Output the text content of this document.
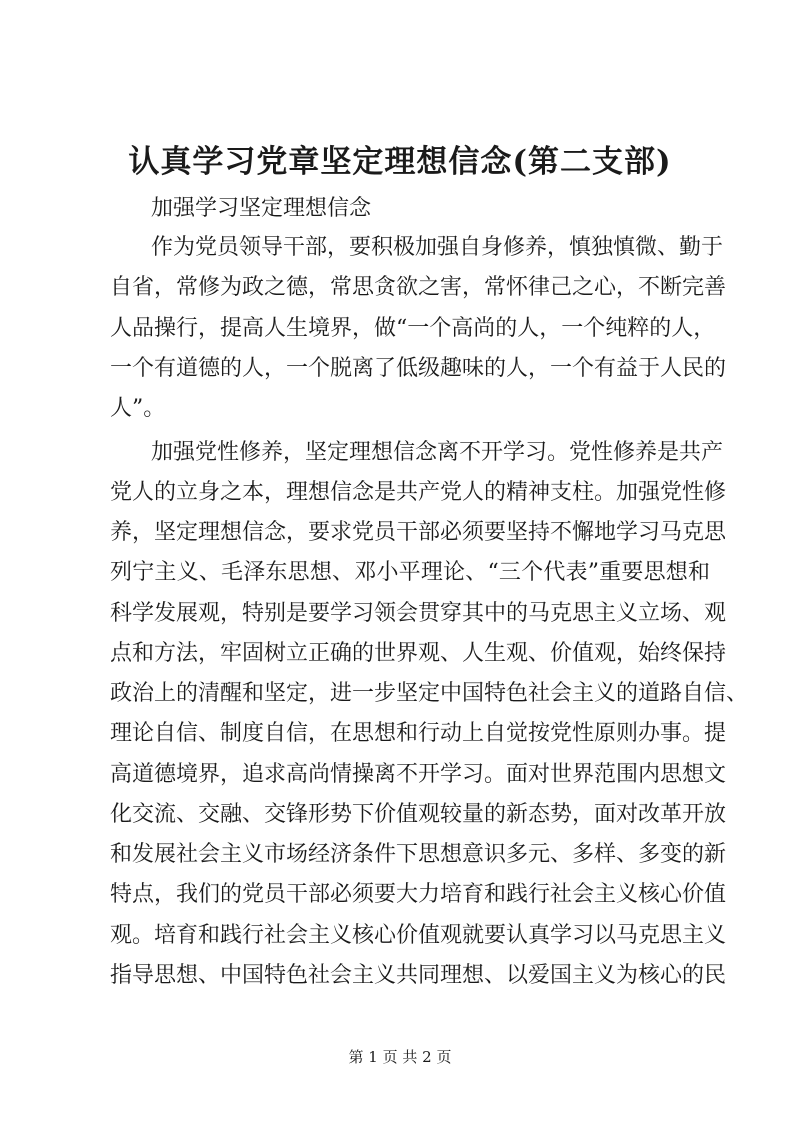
认真学习党章坚定理想信念(第二支部)
加强学习坚定理想信念
作为党员领导干部，要积极加强自身修养，慎独慎微、勤于
自省，常修为政之德，常思贪欲之害，常怀律己之心，不断完善
人品操行，提高人生境界，做“一个高尚的人，一个纯粹的人，
一个有道德的人，一个脱离了低级趣味的人，一个有益于人民的
人”。
加强党性修养，坚定理想信念离不开学习。党性修养是共产
党人的立身之本，理想信念是共产党人的精神支柱。加强党性修
养，坚定理想信念，要求党员干部必须要坚持不懈地学习马克思
列宁主义、毛泽东思想、邓小平理论、“三个代表”重要思想和
科学发展观，特别是要学习领会贯穿其中的马克思主义立场、观
点和方法，牢固树立正确的世界观、人生观、价值观，始终保持
政治上的清醒和坚定，进一步坚定中国特色社会主义的道路自信、
理论自信、制度自信，在思想和行动上自觉按党性原则办事。提
高道德境界，追求高尚情操离不开学习。面对世界范围内思想文
化交流、交融、交锋形势下价值观较量的新态势，面对改革开放
和发展社会主义市场经济条件下思想意识多元、多样、多变的新
特点，我们的党员干部必须要大力培育和践行社会主义核心价值
观。培育和践行社会主义核心价值观就要认真学习以马克思主义
指导思想、中国特色社会主义共同理想、以爱国主义为核心的民
第 1 页 共 2 页
